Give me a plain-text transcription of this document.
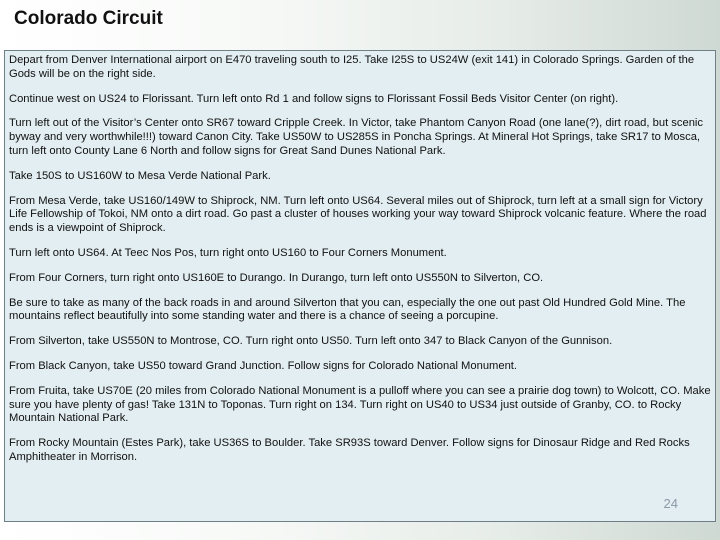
Colorado Circuit

Depart from Denver International airport on E470 traveling south to I25. Take I25S to US24W (exit 141) in Colorado Springs. Garden of the Gods will be on the right side.

Continue west on US24 to Florissant. Turn left onto Rd 1 and follow signs to Florissant Fossil Beds Visitor Center (on right).

Turn left out of the Visitor’s Center onto SR67 toward Cripple Creek. In Victor, take Phantom Canyon Road (one lane(?), dirt road, but scenic byway and very worthwhile!!!) toward Canon City. Take US50W to US285S in Poncha Springs. At Mineral Hot Springs, take SR17 to Mosca, turn left onto County Lane 6 North and follow signs for Great Sand Dunes National Park.

Take 150S to US160W to Mesa Verde National Park.

From Mesa Verde, take US160/149W to Shiprock, NM. Turn left onto US64. Several miles out of Shiprock, turn left at a small sign for Victory Life Fellowship of Tokoi, NM onto a dirt road. Go past a cluster of houses working your way toward Shiprock volcanic feature. Where the road ends is a viewpoint of Shiprock.

Turn left onto US64. At Teec Nos Pos, turn right onto US160 to Four Corners Monument.

From Four Corners, turn right onto US160E to Durango. In Durango, turn left onto US550N to Silverton, CO.

Be sure to take as many of the back roads in and around Silverton that you can, especially the one out past Old Hundred Gold Mine. The mountains reflect beautifully into some standing water and there is a chance of seeing a porcupine.

From Silverton, take US550N to Montrose, CO. Turn right onto US50. Turn left onto 347 to Black Canyon of the Gunnison.

From Black Canyon, take US50 toward Grand Junction. Follow signs for Colorado National Monument.

From Fruita, take US70E (20 miles from Colorado National Monument is a pulloff where you can see a prairie dog town) to Wolcott, CO. Make sure you have plenty of gas! Take 131N to Toponas. Turn right on 134. Turn right on US40 to US34 just outside of Granby, CO. to Rocky Mountain National Park.

From Rocky Mountain (Estes Park), take US36S to Boulder. Take SR93S toward Denver. Follow signs for Dinosaur Ridge and Red Rocks Amphitheater in Morrison.

24
